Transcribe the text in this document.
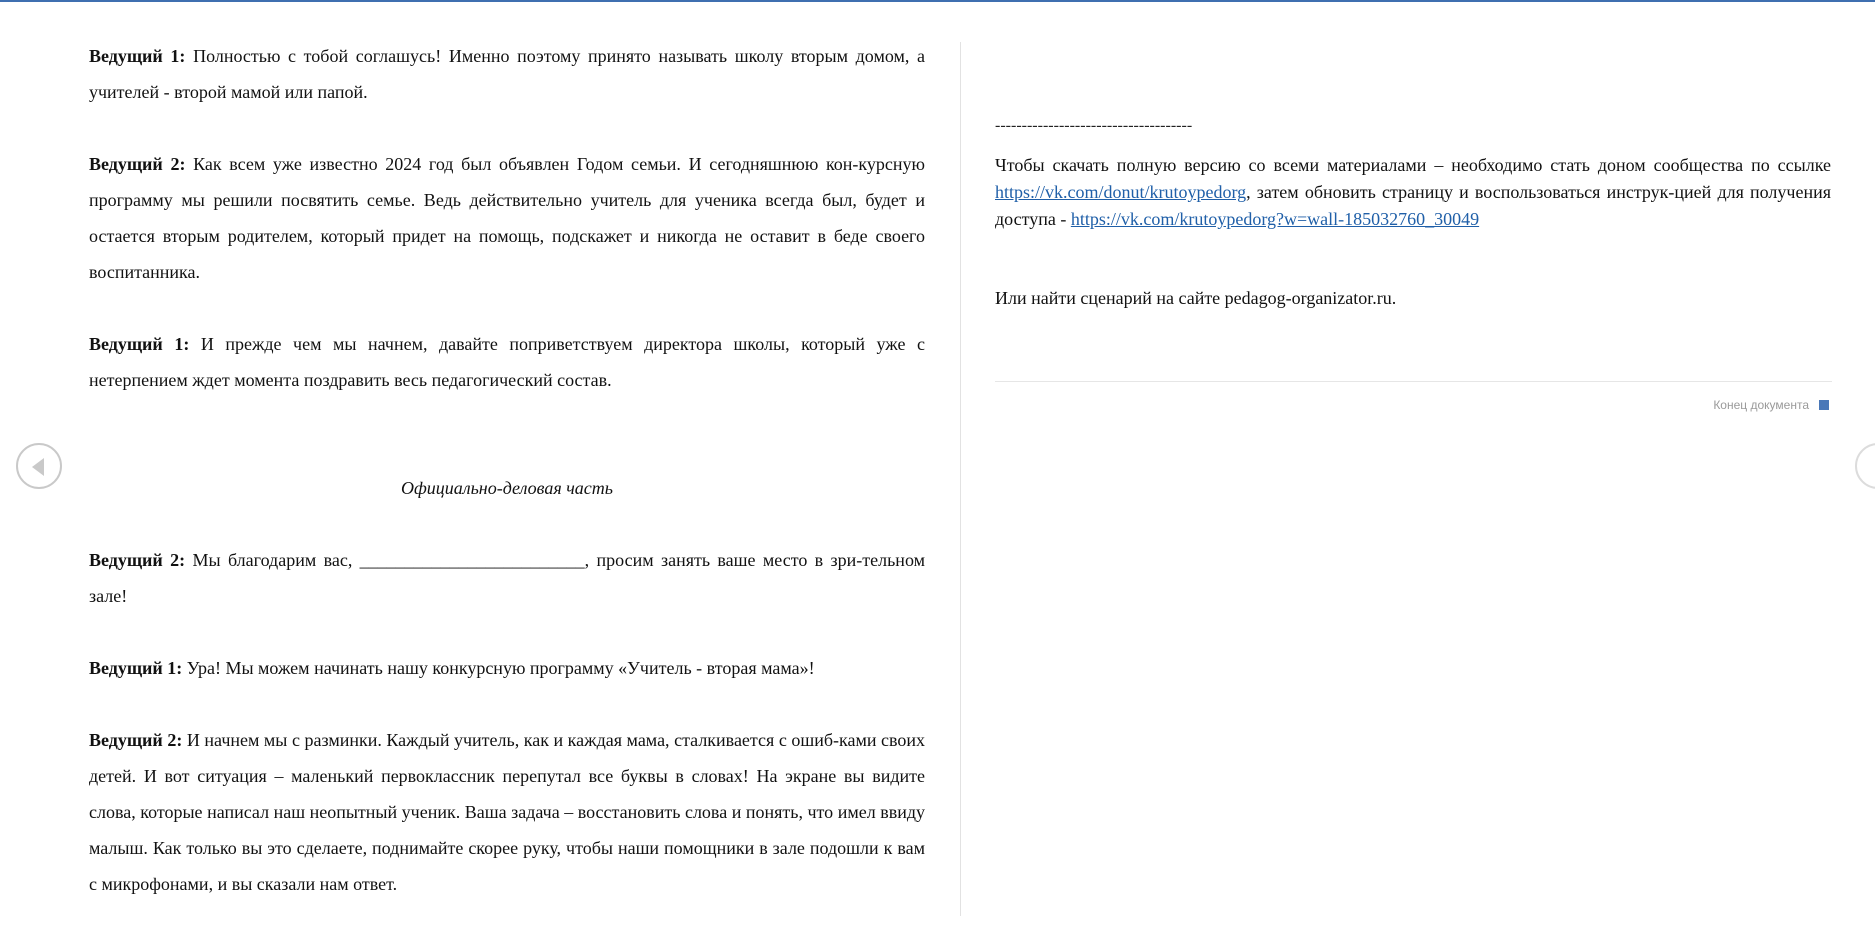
Ведущий 1: Полностью с тобой соглашусь! Именно поэтому принято называть школу вторым домом, а учителей - второй мамой или папой.

Ведущий 2: Как всем уже известно 2024 год был объявлен Годом семьи. И сегодняшнюю кон-курсную программу мы решили посвятить семье. Ведь действительно учитель для ученика всегда был, будет и остается вторым родителем, который придет на помощь, подскажет и никогда не оставит в беде своего воспитанника.

Ведущий 1: И прежде чем мы начнем, давайте поприветствуем директора школы, который уже с нетерпением ждет момента поздравить весь педагогический состав.

Официально-деловая часть

Ведущий 2: Мы благодарим вас, _________________________, просим занять ваше место в зри-тельном зале!

Ведущий 1: Ура! Мы можем начинать нашу конкурсную программу «Учитель - вторая мама»!

Ведущий 2: И начнем мы с разминки. Каждый учитель, как и каждая мама, сталкивается с ошиб-ками своих детей. И вот ситуация – маленький первоклассник перепутал все буквы в словах! На экране вы видите слова, которые написал наш неопытный ученик. Ваша задача – восстановить слова и понять, что имел ввиду малыш. Как только вы это сделаете, поднимайте скорее руку, чтобы наши помощники в зале подошли к вам с микрофонами, и вы сказали нам ответ.

-------------------------------------

Чтобы скачать полную версию со всеми материалами – необходимо стать доном сообщества по ссылке https://vk.com/donut/krutoypedorg, затем обновить страницу и воспользоваться инструк-цией для получения доступа - https://vk.com/krutoypedorg?w=wall-185032760_30049

Или найти сценарий на сайте pedagog-organizator.ru.

Конец документа
